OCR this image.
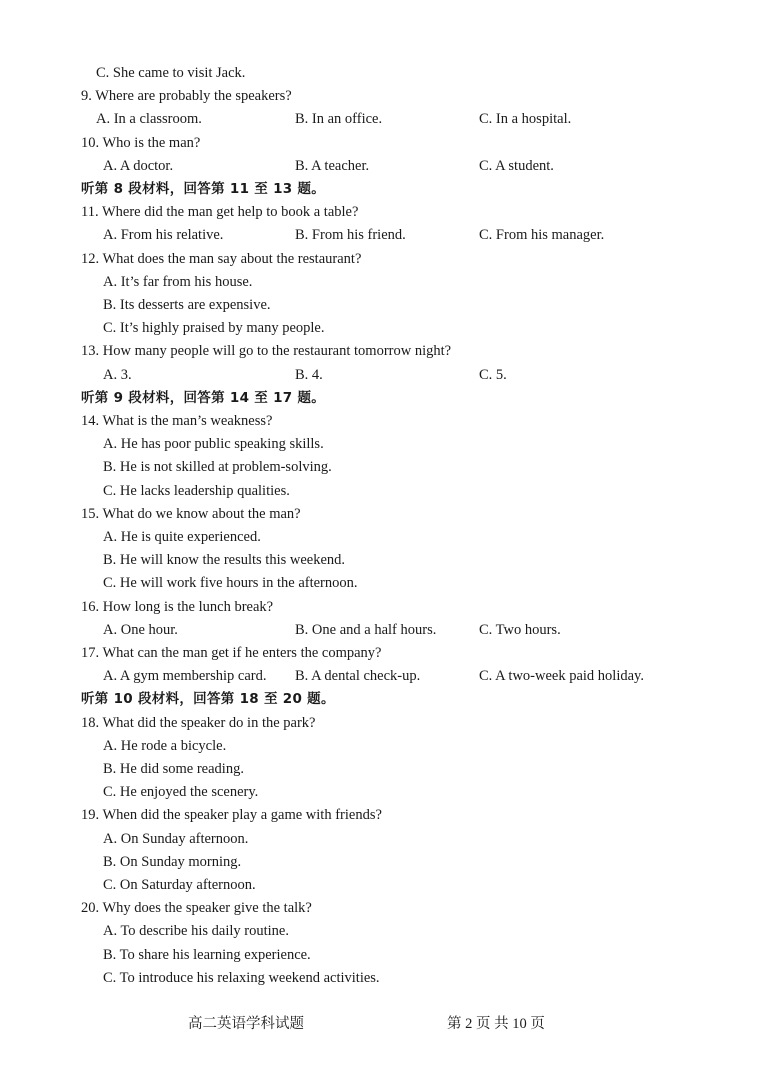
C. She came to visit Jack.
9. Where are probably the speakers?
A. In a classroom.	B. In an office.	C. In a hospital.
10. Who is the man?
A. A doctor.	B. A teacher.	C. A student.
听第 8 段材料，回答第 11 至 13 题。
11. Where did the man get help to book a table?
A. From his relative.	B. From his friend.	C. From his manager.
12. What does the man say about the restaurant?
A. It’s far from his house.
B. Its desserts are expensive.
C. It’s highly praised by many people.
13. How many people will go to the restaurant tomorrow night?
A. 3.	B. 4.	C. 5.
听第 9 段材料，回答第 14 至 17 题。
14. What is the man’s weakness?
A. He has poor public speaking skills.
B. He is not skilled at problem-solving.
C. He lacks leadership qualities.
15. What do we know about the man?
A. He is quite experienced.
B. He will know the results this weekend.
C. He will work five hours in the afternoon.
16. How long is the lunch break?
A. One hour.	B. One and a half hours.	C. Two hours.
17. What can the man get if he enters the company?
A. A gym membership card. B. A dental check-up.	C. A two-week paid holiday.
听第 10 段材料，回答第 18 至 20 题。
18. What did the speaker do in the park?
A. He rode a bicycle.
B. He did some reading.
C. He enjoyed the scenery.
19. When did the speaker play a game with friends?
A. On Sunday afternoon.
B. On Sunday morning.
C. On Saturday afternoon.
20. Why does the speaker give the talk?
A. To describe his daily routine.
B. To share his learning experience.
C. To introduce his relaxing weekend activities.
高二英语学科试题	第 2 页 共 10 页
